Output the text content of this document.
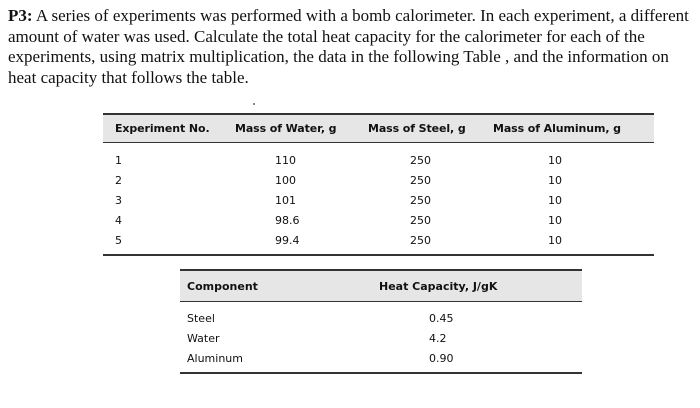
P3: A series of experiments was performed with a bomb calorimeter. In each experiment, a different amount of water was used. Calculate the total heat capacity for the calorimeter for each of the experiments, using matrix multiplication, the data in the following Table , and the information on heat capacity that follows the table.
Experiment No.	Mass of Water, g	Mass of Steel, g	Mass of Aluminum, g
1	110	250	10
2	100	250	10
3	101	250	10
4	98.6	250	10
5	99.4	250	10
Component	Heat Capacity, J/gK
Steel	0.45
Water	4.2
Aluminum	0.90
